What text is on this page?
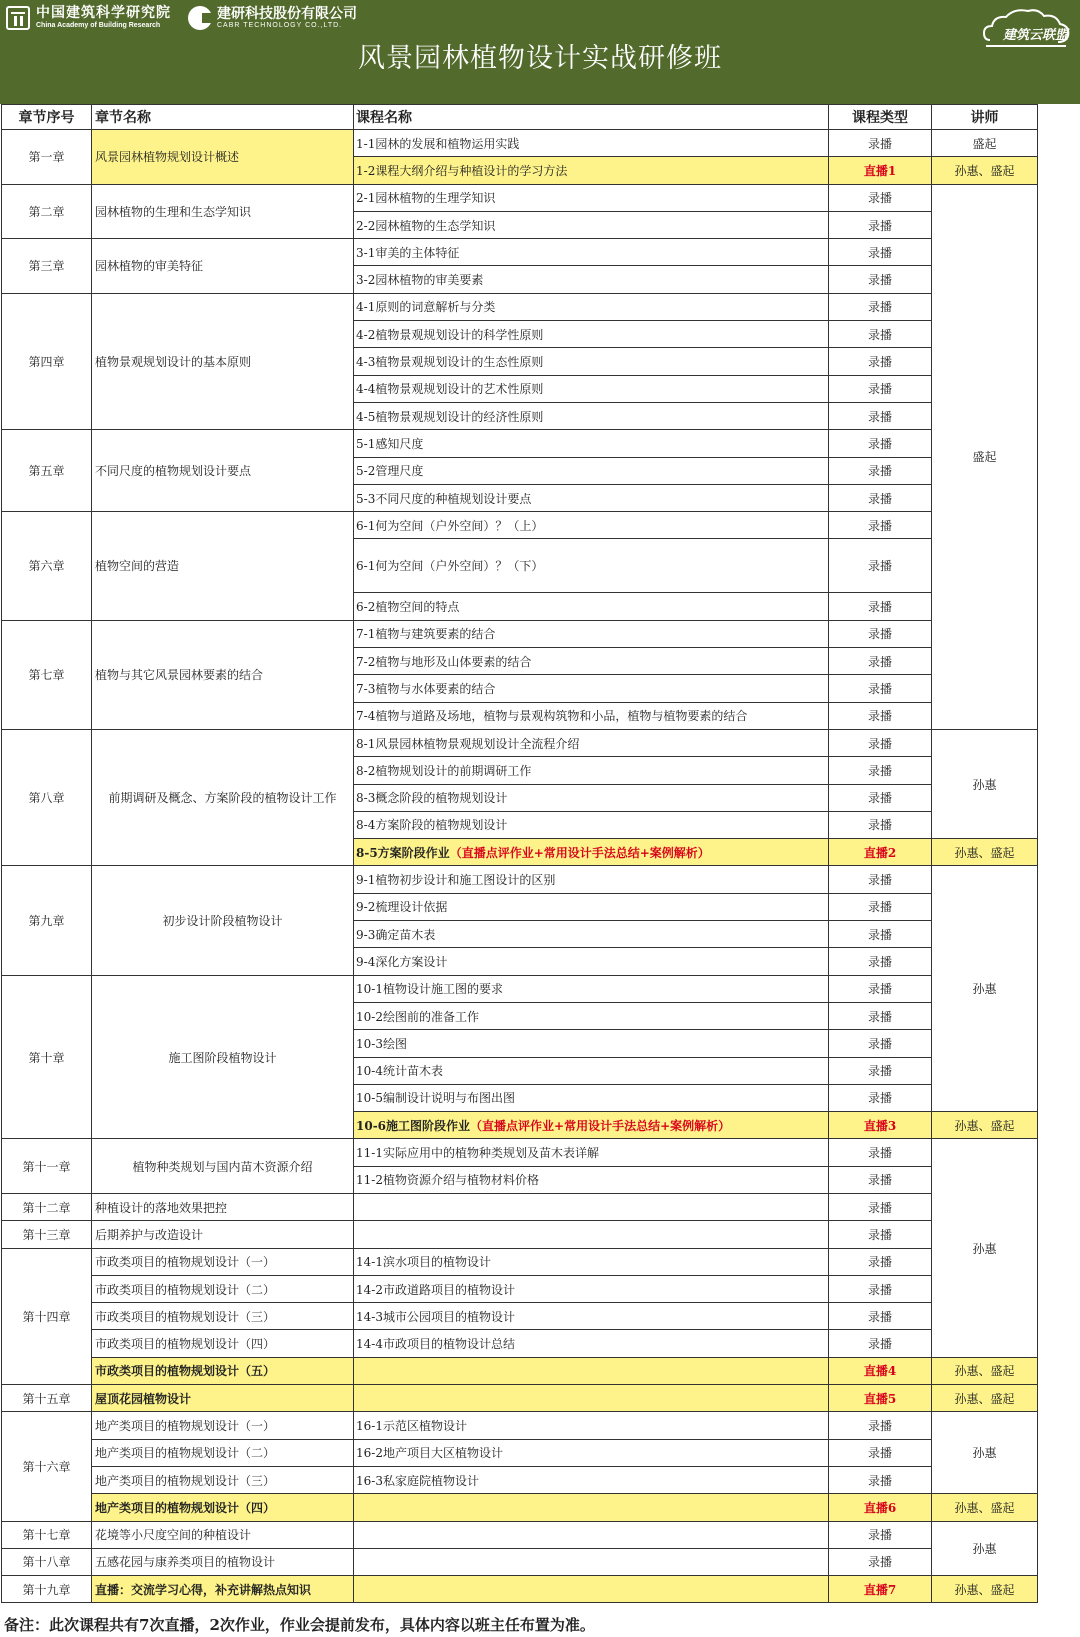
中国建筑科学研究院
China Academy of Building Research
建研科技股份有限公司
CABR TECHNOLOGY CO.,LTD.
风景园林植物设计实战研修班
建筑云联盟
章节序号	章节名称	课程名称	课程类型	讲师
第一章	风景园林植物规划设计概述	1-1园林的发展和植物运用实践	录播	盛起
		1-2课程大纲介绍与种植设计的学习方法	直播1	孙惠、盛起
第二章	园林植物的生理和生态学知识	2-1园林植物的生理学知识	录播	盛起
		2-2园林植物的生态学知识	录播	
第三章	园林植物的审美特征	3-1审美的主体特征	录播	
		3-2园林植物的审美要素	录播	
第四章	植物景观规划设计的基本原则	4-1原则的词意解析与分类	录播	
		4-2植物景观规划设计的科学性原则	录播	
		4-3植物景观规划设计的生态性原则	录播	
		4-4植物景观规划设计的艺术性原则	录播	
		4-5植物景观规划设计的经济性原则	录播	
第五章	不同尺度的植物规划设计要点	5-1感知尺度	录播	
		5-2管理尺度	录播	
		5-3不同尺度的种植规划设计要点	录播	
第六章	植物空间的营造	6-1何为空间（户外空间）？（上）	录播	
		6-1何为空间（户外空间）？（下）	录播	
		6-2植物空间的特点	录播	
第七章	植物与其它风景园林要素的结合	7-1植物与建筑要素的结合	录播	
		7-2植物与地形及山体要素的结合	录播	
		7-3植物与水体要素的结合	录播	
		7-4植物与道路及场地，植物与景观构筑物和小品，植物与植物要素的结合	录播	
第八章	前期调研及概念、方案阶段的植物设计工作	8-1风景园林植物景观规划设计全流程介绍	录播	孙惠
		8-2植物规划设计的前期调研工作	录播	
		8-3概念阶段的植物规划设计	录播	
		8-4方案阶段的植物规划设计	录播	
		8-5方案阶段作业（直播点评作业+常用设计手法总结+案例解析）	直播2	孙惠、盛起
第九章	初步设计阶段植物设计	9-1植物初步设计和施工图设计的区别	录播	孙惠
		9-2梳理设计依据	录播	
		9-3确定苗木表	录播	
		9-4深化方案设计	录播	
第十章	施工图阶段植物设计	10-1植物设计施工图的要求	录播	
		10-2绘图前的准备工作	录播	
		10-3绘图	录播	
		10-4统计苗木表	录播	
		10-5编制设计说明与布图出图	录播	
		10-6施工图阶段作业（直播点评作业+常用设计手法总结+案例解析）	直播3	孙惠、盛起
第十一章	植物种类规划与国内苗木资源介绍	11-1实际应用中的植物种类规划及苗木表详解	录播	孙惠
		11-2植物资源介绍与植物材料价格	录播	
第十二章	种植设计的落地效果把控		录播	
第十三章	后期养护与改造设计		录播	
第十四章	市政类项目的植物规划设计（一）	14-1滨水项目的植物设计	录播	
	市政类项目的植物规划设计（二）	14-2市政道路项目的植物设计	录播	
	市政类项目的植物规划设计（三）	14-3城市公园项目的植物设计	录播	
	市政类项目的植物规划设计（四）	14-4市政项目的植物设计总结	录播	
	市政类项目的植物规划设计（五）		直播4	孙惠、盛起
第十五章	屋顶花园植物设计		直播5	孙惠、盛起
第十六章	地产类项目的植物规划设计（一）	16-1示范区植物设计	录播	孙惠
	地产类项目的植物规划设计（二）	16-2地产项目大区植物设计	录播	
	地产类项目的植物规划设计（三）	16-3私家庭院植物设计	录播	
	地产类项目的植物规划设计（四）		直播6	孙惠、盛起
第十七章	花境等小尺度空间的种植设计		录播	孙惠
第十八章	五感花园与康养类项目的植物设计		录播	
第十九章	直播：交流学习心得，补充讲解热点知识		直播7	孙惠、盛起
备注：此次课程共有7次直播，2次作业，作业会提前发布，具体内容以班主任布置为准。
